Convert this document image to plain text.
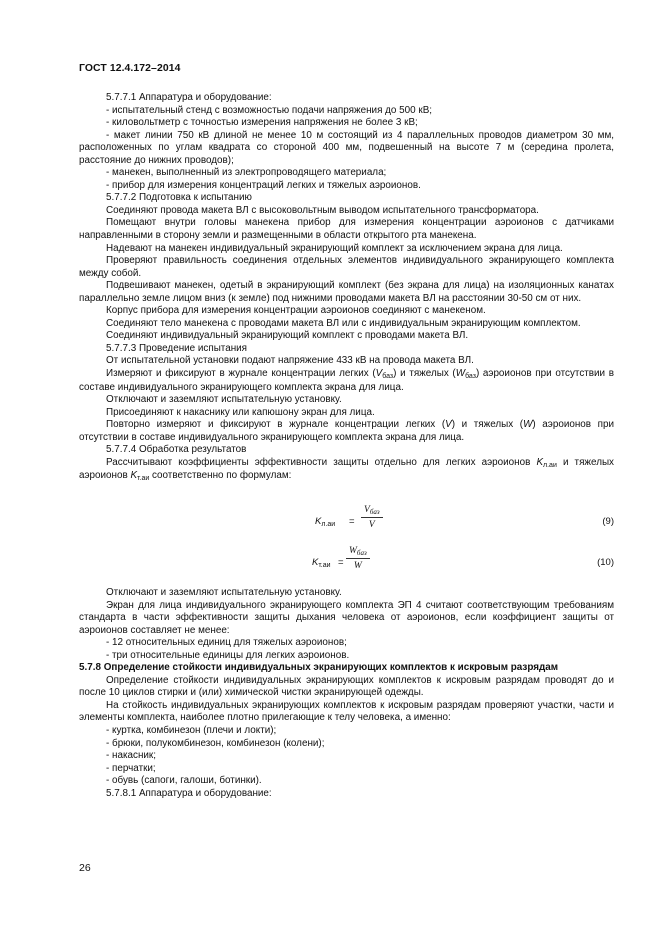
ГОСТ 12.4.172–2014

5.7.7.1 Аппаратура и оборудование:

- испытательный стенд с возможностью подачи напряжения до 500 кВ;

- киловольтметр с точностью измерения напряжения не более 3 кВ;

- макет линии 750 кВ длиной не менее 10 м состоящий из 4 параллельных проводов диаметром 30 мм, расположенных по углам квадрата со стороной 400 мм, подвешенный на высоте 7 м (середина пролета, расстояние до нижних проводов);

- манекен, выполненный из электропроводящего материала;

- прибор для измерения концентраций легких и тяжелых аэроионов.

5.7.7.2 Подготовка к испытанию

Соединяют провода макета ВЛ с высоковольтным выводом испытательного трансформатора.

Помещают внутри головы манекена прибор для измерения концентрации аэроионов с датчиками направленными в сторону земли и размещенными в области открытого рта манекена.

Надевают на манекен индивидуальный экранирующий комплект за исключением экрана для лица.

Проверяют правильность соединения отдельных элементов индивидуального экранирующего комплекта между собой.

Подвешивают манекен, одетый в экранирующий комплект (без экрана для лица) на изоляционных канатах параллельно земле лицом вниз (к земле) под нижними проводами макета ВЛ на расстоянии 30-50 см от них.

Корпус прибора для измерения концентрации аэроионов соединяют с манекеном.

Соединяют тело манекена с проводами макета ВЛ или с индивидуальным экранирующим комплектом.

Соединяют индивидуальный экранирующий комплект с проводами макета ВЛ.

5.7.7.3 Проведение испытания

От испытательной установки подают напряжение 433 кВ на провода макета ВЛ.

Измеряют и фиксируют в журнале концентрации легких $(V_{баз})$ и тяжелых $(W_{баз})$ аэроионов при отсутствии в составе индивидуального экранирующего комплекта экрана для лица.

Отключают и заземляют испытательную установку.

Присоединяют к накаснику или капюшону экран для лица.

Повторно измеряют и фиксируют в журнале концентрации легких (V) и тяжелых (W) аэроионов при отсутствии в составе индивидуального экранирующего комплекта экрана для лица.

5.7.7.4 Обработка результатов

Рассчитывают коэффициенты эффективности защиты отдельно для легких аэроионов $K_{л.аи}$ и тяжелых аэроионов $K_{т.аи}$ соответственно по формулам:

$K_{л.аи}$ =
$V_{баз}$
V	(9)
$K_{т.аи}$ =
$W_{баз}$
W	(10)

Отключают и заземляют испытательную установку.

Экран для лица индивидуального экранирующего комплекта ЭП 4 считают соответствующим требованиям стандарта в части эффективности защиты дыхания человека от аэроионов, если коэффициент защиты от аэроионов составляет не менее:

- 12 относительных единиц для тяжелых аэроионов;

- три относительные единицы для легких аэроионов.

5.7.8 Определение стойкости индивидуальных экранирующих комплектов к искровым разрядам

Определение стойкости индивидуальных экранирующих комплектов к искровым разрядам проводят до и после 10 циклов стирки и (или) химической чистки экранирующей одежды.

На стойкость индивидуальных экранирующих комплектов к искровым разрядам проверяют участки, части и элементы комплекта, наиболее плотно прилегающие к телу человека, а именно:

- куртка, комбинезон (плечи и локти);

- брюки, полукомбинезон, комбинезон (колени);

- накасник;

- перчатки;

- обувь (сапоги, галоши, ботинки).

5.7.8.1 Аппаратура и оборудование:

26
